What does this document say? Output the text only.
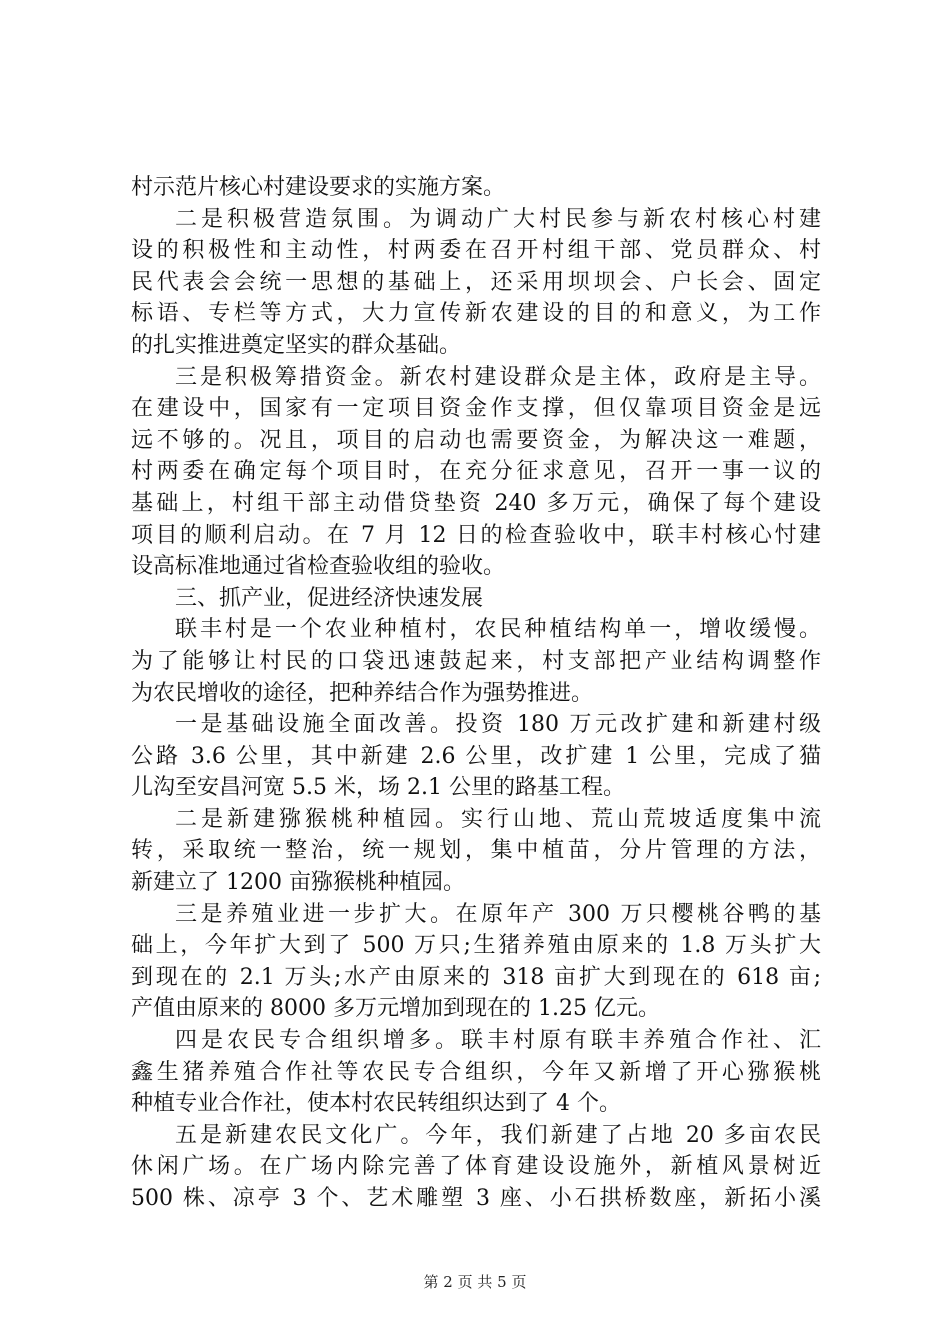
村示范片核心村建设要求的实施方案。
二是积极营造氛围。为调动广大村民参与新农村核心村建
设的积极性和主动性，村两委在召开村组干部、党员群众、村
民代表会会统一思想的基础上，还采用坝坝会、户长会、固定
标语、专栏等方式，大力宣传新农建设的目的和意义，为工作
的扎实推进奠定坚实的群众基础。
三是积极筹措资金。新农村建设群众是主体，政府是主导。
在建设中，国家有一定项目资金作支撑，但仅靠项目资金是远
远不够的。况且，项目的启动也需要资金，为解决这一难题，
村两委在确定每个项目时，在充分征求意见，召开一事一议的
基础上，村组干部主动借贷垫资 240 多万元，确保了每个建设
项目的顺利启动。在 7 月 12 日的检查验收中，联丰村核心忖建
设高标准地通过省检查验收组的验收。
三、抓产业，促进经济快速发展
联丰村是一个农业种植村，农民种植结构单一，增收缓慢。
为了能够让村民的口袋迅速鼓起来，村支部把产业结构调整作
为农民增收的途径，把种养结合作为强势推进。
一是基础设施全面改善。投资 180 万元改扩建和新建村级
公路 3.6 公里，其中新建 2.6 公里，改扩建 1 公里，完成了猫
儿沟至安昌河宽 5.5 米，场 2.1 公里的路基工程。
二是新建猕猴桃种植园。实行山地、荒山荒坡适度集中流
转，采取统一整治，统一规划，集中植苗，分片管理的方法，
新建立了 1200 亩猕猴桃种植园。
三是养殖业进一步扩大。在原年产 300 万只樱桃谷鸭的基
础上，今年扩大到了 500 万只;生猪养殖由原来的 1.8 万头扩大
到现在的 2.1 万头;水产由原来的 318 亩扩大到现在的 618 亩;
产值由原来的 8000 多万元增加到现在的 1.25 亿元。
四是农民专合组织增多。联丰村原有联丰养殖合作社、汇
鑫生猪养殖合作社等农民专合组织，今年又新增了开心猕猴桃
种植专业合作社，使本村农民转组织达到了 4 个。
五是新建农民文化广。今年，我们新建了占地 20 多亩农民
休闲广场。在广场内除完善了体育建设设施外，新植风景树近
500 株、凉亭 3 个、艺术雕塑 3 座、小石拱桥数座，新拓小溪
第 2 页 共 5 页
